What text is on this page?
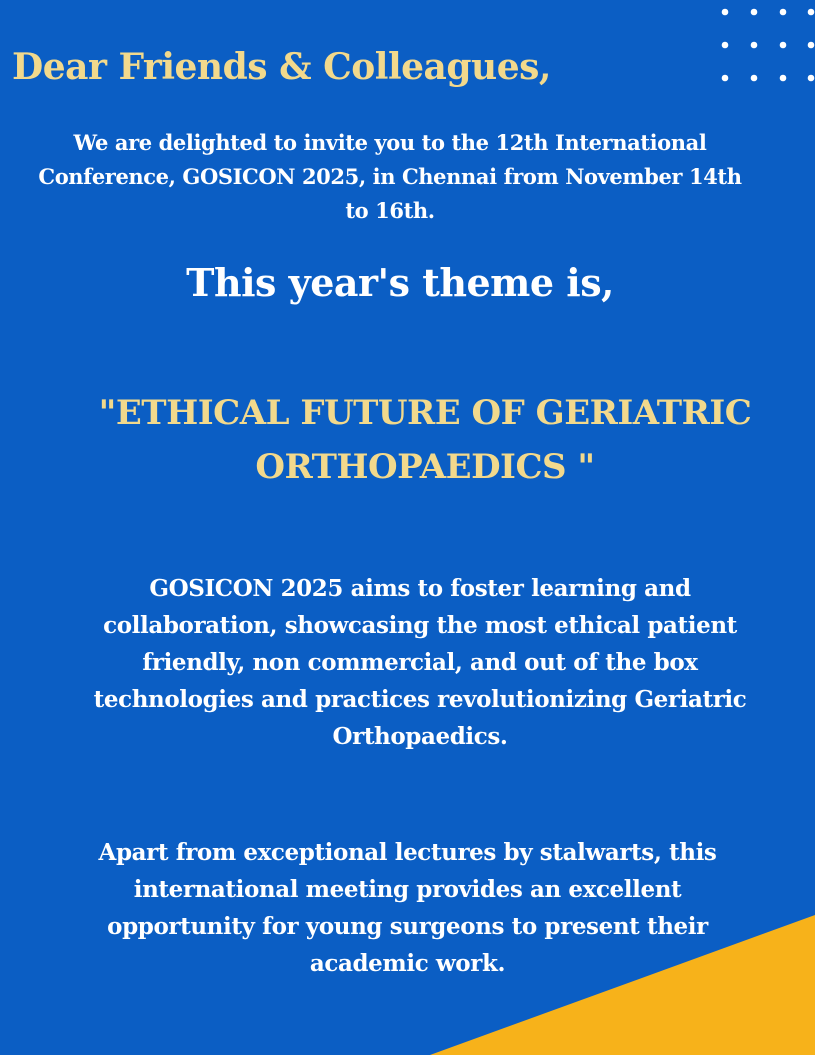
Dear Friends & Colleagues,

We are delighted to invite you to the 12th International
Conference, GOSICON 2025, in Chennai from November 14th
to 16th.

This year's theme is,
"ETHICAL FUTURE OF GERIATRIC
ORTHOPAEDICS "

GOSICON 2025 aims to foster learning and
collaboration, showcasing the most ethical patient
friendly, non commercial, and out of the box
technologies and practices revolutionizing Geriatric
Orthopaedics.

Apart from exceptional lectures by stalwarts, this
international meeting provides an excellent
opportunity for young surgeons to present their
academic work.
